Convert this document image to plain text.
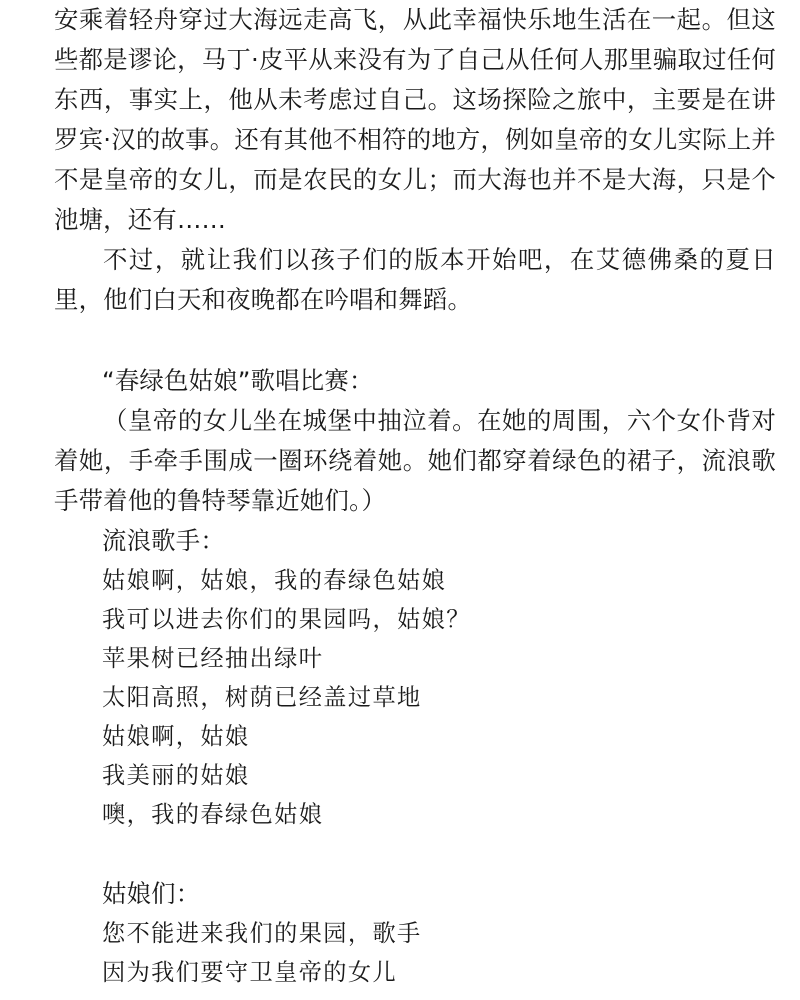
安乘着轻舟穿过大海远走高飞，从此幸福快乐地生活在一起。但这些都是谬论，马丁·皮平从来没有为了自己从任何人那里骗取过任何东西，事实上，他从未考虑过自己。这场探险之旅中，主要是在讲罗宾·汉的故事。还有其他不相符的地方，例如皇帝的女儿实际上并不是皇帝的女儿，而是农民的女儿；而大海也并不是大海，只是个池塘，还有……

不过，就让我们以孩子们的版本开始吧，在艾德佛桑的夏日里，他们白天和夜晚都在吟唱和舞蹈。

“春绿色姑娘”歌唱比赛：

（皇帝的女儿坐在城堡中抽泣着。在她的周围，六个女仆背对着她，手牵手围成一圈环绕着她。她们都穿着绿色的裙子，流浪歌手带着他的鲁特琴靠近她们。）

流浪歌手：

姑娘啊，姑娘，我的春绿色姑娘

我可以进去你们的果园吗，姑娘？

苹果树已经抽出绿叶

太阳高照，树荫已经盖过草地

姑娘啊，姑娘

我美丽的姑娘

噢，我的春绿色姑娘

姑娘们：

您不能进来我们的果园，歌手

因为我们要守卫皇帝的女儿
